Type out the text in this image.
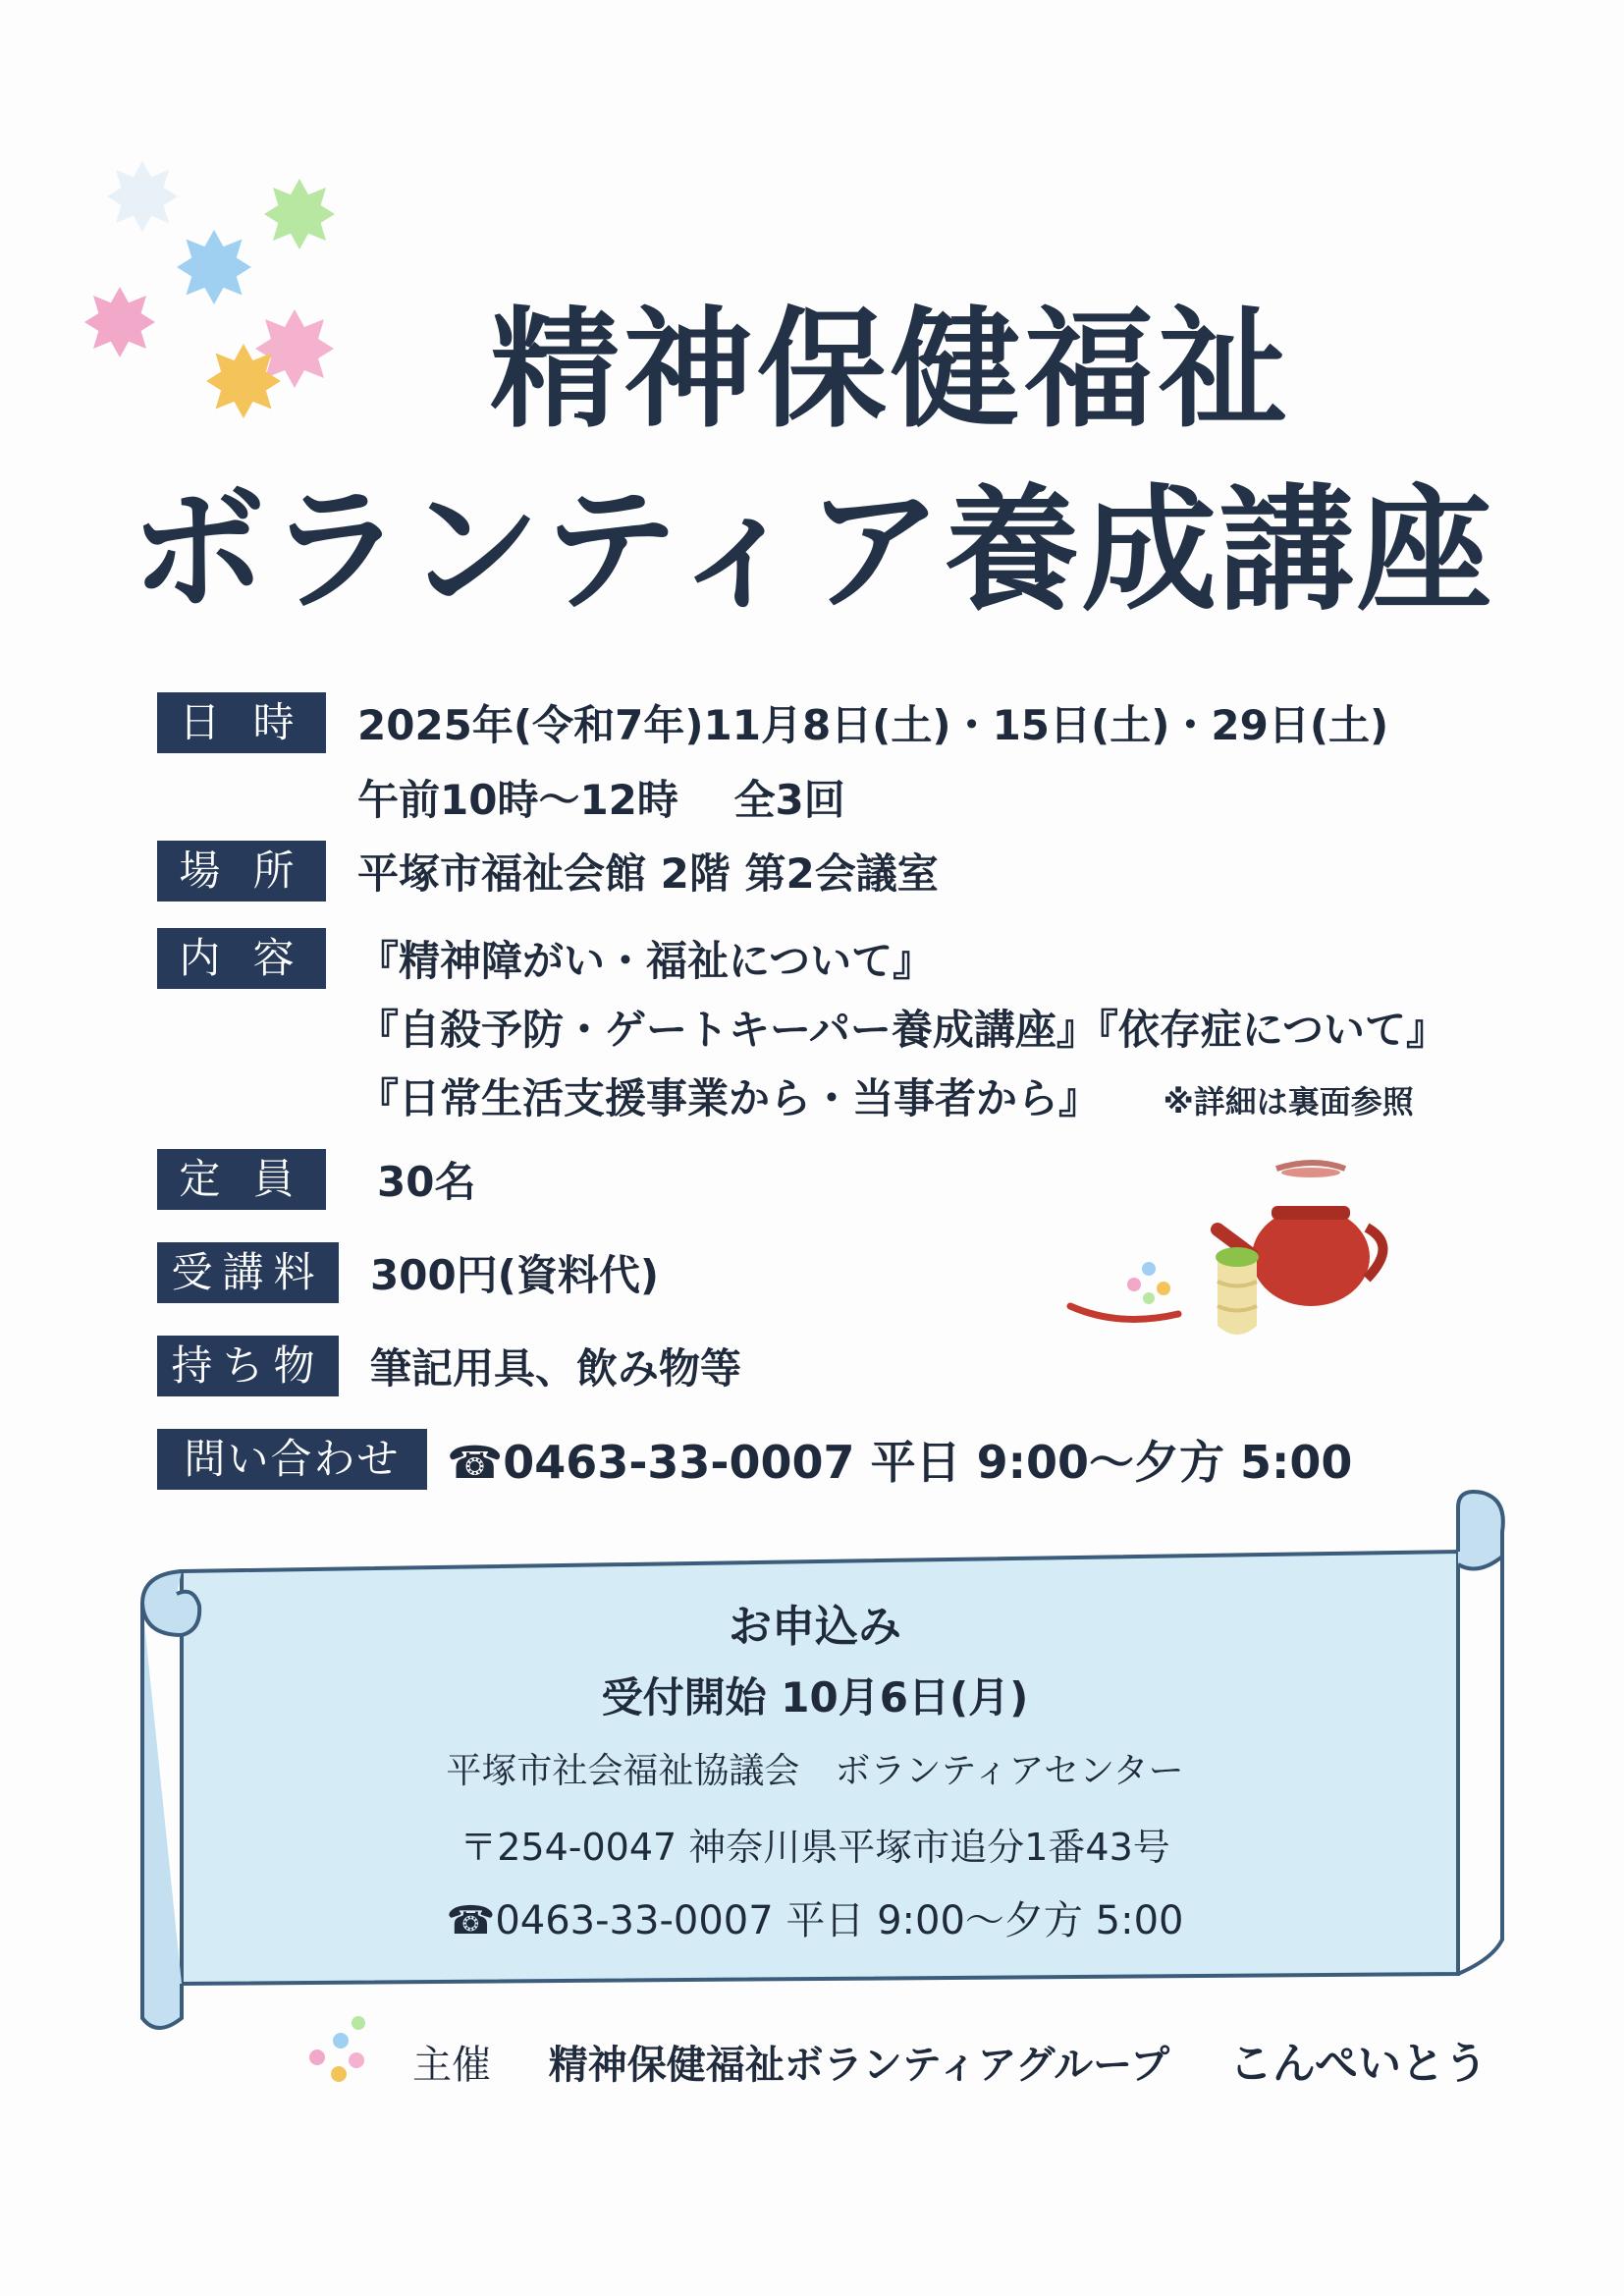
精神保健福祉
ボランティア養成講座
日 時	2025年(令和7年)11月8日(土)・15日(土)・29日(土)
午前10時～12時　 全3回
場 所	平塚市福祉会館 2階 第2会議室
内 容	『精神障がい・福祉について』
『自殺予防・ゲートキーパー養成講座』『依存症について』
『日常生活支援事業から・当事者から』 ※詳細は裏面参照
定 員	30名
受講料	300円(資料代)
持ち物	筆記用具、飲み物等
問い合わせ	☎0463-33-0007 平日 9:00～夕方 5:00
お申込み
受付開始 10月6日(月)
平塚市社会福祉協議会　ボランティアセンター
〒254-0047 神奈川県平塚市追分1番43号
☎0463-33-0007 平日 9:00～夕方 5:00
主催 精神保健福祉ボランティアグループ こんぺいとう
